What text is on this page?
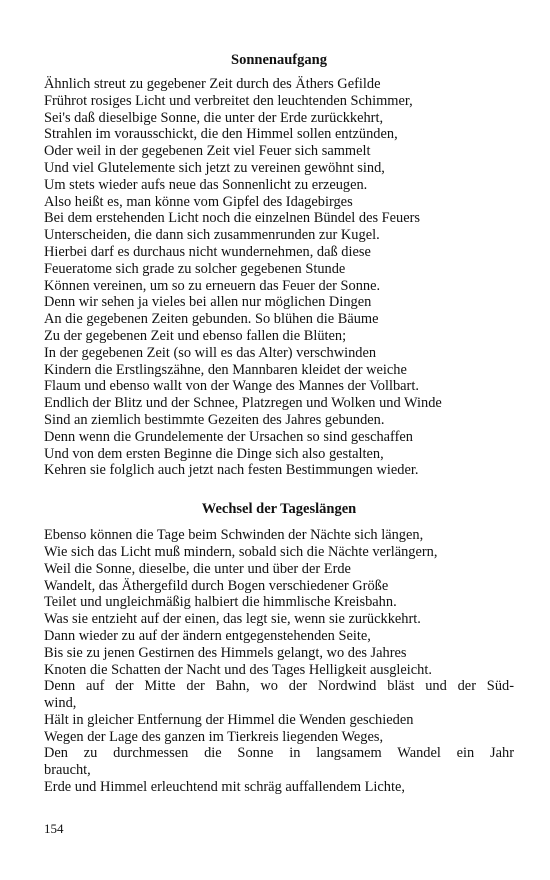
Sonnenaufgang
Ähnlich streut zu gegebener Zeit durch des Äthers Gefilde
Frührot rosiges Licht und verbreitet den leuchtenden Schimmer,
Sei's daß dieselbige Sonne, die unter der Erde zurückkehrt,
Strahlen im vorausschickt, die den Himmel sollen entzünden,
Oder weil in der gegebenen Zeit viel Feuer sich sammelt
Und viel Glutelemente sich jetzt zu vereinen gewöhnt sind,
Um stets wieder aufs neue das Sonnenlicht zu erzeugen.
Also heißt es, man könne vom Gipfel des Idagebirges
Bei dem erstehenden Licht noch die einzelnen Bündel des Feuers
Unterscheiden, die dann sich zusammenrunden zur Kugel.
Hierbei darf es durchaus nicht wundernehmen, daß diese
Feueratome sich grade zu solcher gegebenen Stunde
Können vereinen, um so zu erneuern das Feuer der Sonne.
Denn wir sehen ja vieles bei allen nur möglichen Dingen
An die gegebenen Zeiten gebunden. So blühen die Bäume
Zu der gegebenen Zeit und ebenso fallen die Blüten;
In der gegebenen Zeit (so will es das Alter) verschwinden
Kindern die Erstlingszähne, den Mannbaren kleidet der weiche
Flaum und ebenso wallt von der Wange des Mannes der Vollbart.
Endlich der Blitz und der Schnee, Platzregen und Wolken und Winde
Sind an ziemlich bestimmte Gezeiten des Jahres gebunden.
Denn wenn die Grundelemente der Ursachen so sind geschaffen
Und von dem ersten Beginne die Dinge sich also gestalten,
Kehren sie folglich auch jetzt nach festen Bestimmungen wieder.
Wechsel der Tageslängen
Ebenso können die Tage beim Schwinden der Nächte sich längen,
Wie sich das Licht muß mindern, sobald sich die Nächte verlängern,
Weil die Sonne, dieselbe, die unter und über der Erde
Wandelt, das Äthergefild durch Bogen verschiedener Größe
Teilet und ungleichmäßig halbiert die himmlische Kreisbahn.
Was sie entzieht auf der einen, das legt sie, wenn sie zurückkehrt.
Dann wieder zu auf der ändern entgegenstehenden Seite,
Bis sie zu jenen Gestirnen des Himmels gelangt, wo des Jahres
Knoten die Schatten der Nacht und des Tages Helligkeit ausgleicht.
Denn auf der Mitte der Bahn, wo der Nordwind bläst und der Süd-
wind,
Hält in gleicher Entfernung der Himmel die Wenden geschieden
Wegen der Lage des ganzen im Tierkreis liegenden Weges,
Den zu durchmessen die Sonne in langsamem Wandel ein Jahr
braucht,
Erde und Himmel erleuchtend mit schräg auffallendem Lichte,
154
